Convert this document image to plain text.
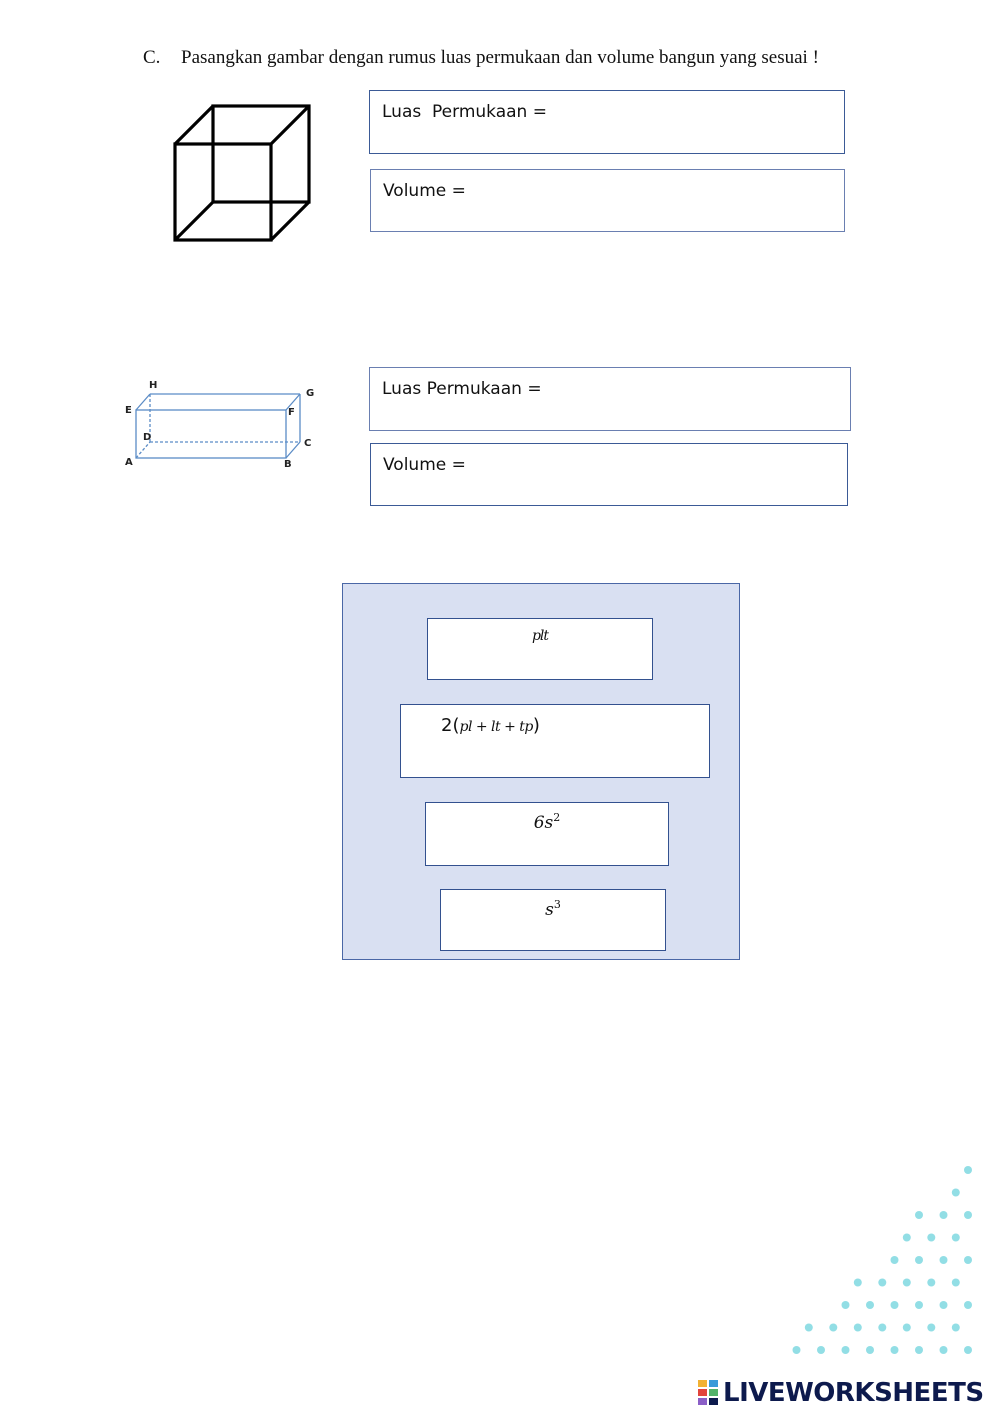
C. Pasangkan gambar dengan rumus luas permukaan dan volume bangun yang sesuai !
Luas  Permukaan =
Volume =
H
G
E	F
D
C
A	B
Luas Permukaan =
Volume =
plt
2(pl + lt + tp)
$6s^2$
$s^3$
LIVEWORKSHEETS
